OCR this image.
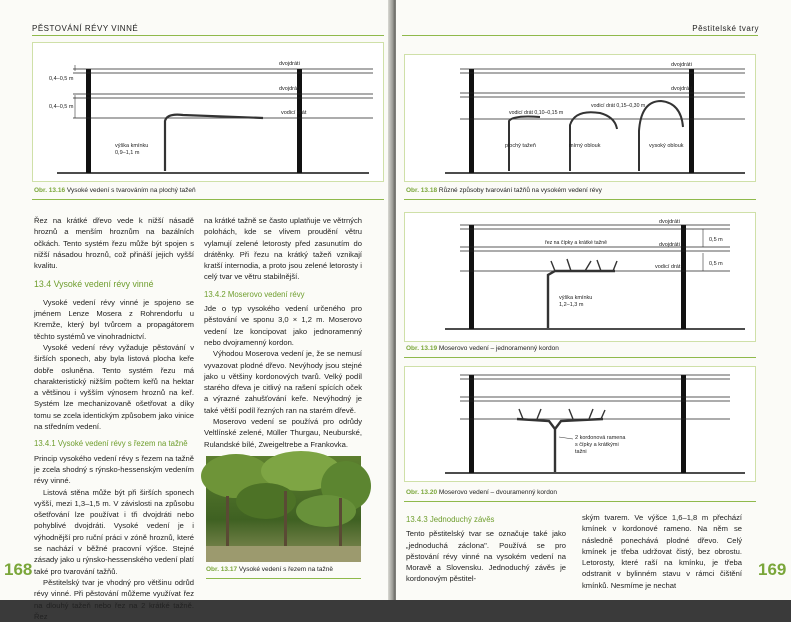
PĚSTOVÁNÍ RÉVY VINNÉ
0,4–0,5 m
0,4–0,5 m
dvojdráti
dvojdráti
vodicí drát
výška kmínku
0,9–1,1 m
Obr. 13.16 Vysoké vedení s tvarováním na plochý tažeň

Řez na krátké dřevo vede k nižší násadě hroznů a menším hroznům na bazálních očkách. Tento systém řezu může být spojen s nižší násadou hroznů, což přináší jejich vyšší kvalitu.

13.4 Vysoké vedení révy vinné

Vysoké vedení révy vinné je spojeno se jménem Lenze Mosera z Rohrendorfu u Kremže, který byl tvůrcem a propagátorem těchto systémů ve vinohradnictví.

Vysoké vedení révy vyžaduje pěstování v širších sponech, aby byla listová plocha keře dobře osluněna. Tento systém řezu má charakteristický nižším počtem keřů na hektar a většinou i vyšším výnosem hroznů na keř. Systém lze mechanizovaně ošetřovat a díky tomu se zcela identickým způsobem jako vinice na středním vedení.

13.4.1 Vysoké vedení révy s řezem na tažně

Princip vysokého vedení révy s řezem na tažně je zcela shodný s rýnsko-hessenským vedením révy vinné.

Listová stěna může být při širších sponech vyšší, mezi 1,3–1,5 m. V závislosti na způsobu ošetřování lze používat i tři dvojdráti nebo pohyblivé dvojdráti. Vysoké vedení je i výhodnější pro ruční práci v zóně hroznů, které se nachází v běžné pracovní výšce. Stejné zásady jako u rýnsko-hessenského vedení platí také pro tvarování tažňů.

Pěstitelský tvar je vhodný pro většinu odrůd révy vinné. Při pěstování můžeme využívat řez na dlouhý tažeň nebo řez na 2 krátké tažně. Řez

na krátké tažně se často uplatňuje ve větrných polohách, kde se vlivem proudění větru vylamují zelené letorosty před zasunutím do drátěnky. Při řezu na krátký tažeň vznikají kratší internodia, a proto jsou zelené letorosty i celý tvar ve větru stabilnější.

13.4.2 Moserovo vedení révy

Jde o typ vysokého vedení určeného pro pěstování ve sponu 3,0 × 1,2 m. Moserovo vedení lze koncipovat jako jednoramenný nebo dvojramenný kordon.

Výhodou Moserova vedení je, že se nemusí vyvazovat plodné dřevo. Nevýhody jsou stejné jako u většiny kordonových tvarů. Velký podíl starého dřeva je citlivý na rašení spících oček a výrazné zahušťování keře. Nevýhodný je také větší podíl řezných ran na starém dřevě.

Moserovo vedení se používá pro odrůdy Veltlínské zelené, Müller Thurgau, Neuburské, Rulandské bílé, Zweigeltrebe a Frankovka.

Obr. 13.17 Vysoké vedení s řezem na tažně
168
Pěstitelské tvary
dvojdráti
dvojdráti
vodicí drát 0,10–0,15 m
vodicí drát 0,15–0,30 m
plochý tažeň	mírný oblouk	vysoký oblouk
Obr. 13.18 Různé způsoby tvarování tažňů na vysokém vedení révy
dvojdráti
řez na čípky a krátké tažně	dvojdráti
0,5 m
vodicí drát	0,5 m
výška kmínku
1,2–1,3 m
Obr. 13.19 Moserovo vedení – jednoramenný kordon
2 kordonová ramena
s čípky a krátkými
tažni
Obr. 13.20 Moserovo vedení – dvouramenný kordon
13.4.3 Jednoduchý závěs

Tento pěstitelský tvar se označuje také jako „jednoduchá záclona". Používá se pro pěstování révy vinné na vysokém vedení na Moravě a Slovensku. Jednoduchý závěs je kordonovým pěstitel-

ským tvarem. Ve výšce 1,6–1,8 m přechází kmínek v kordonové rameno. Na něm se následně ponechává plodné dřevo. Celý kmínek je třeba udržovat čistý, bez obrostu. Letorosty, které raší na kmínku, je třeba odstranit v bylinném stavu v rámci čištění kmínků. Nesmíme je nechat

169
